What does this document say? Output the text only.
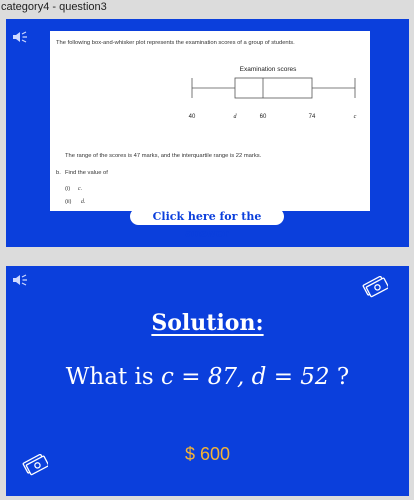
category4 - question3
The following box-and-whisker plot represents the examination scores of a group of students.
Examination scores
40	d	60	74	c
The range of the scores is 47 marks, and the interquartile range is 22 marks.
b. Find the value of
(i) c.
(ii) d.
Click here for the answer
Solution:
What is c = 87, d = 52 ?
$ 600
